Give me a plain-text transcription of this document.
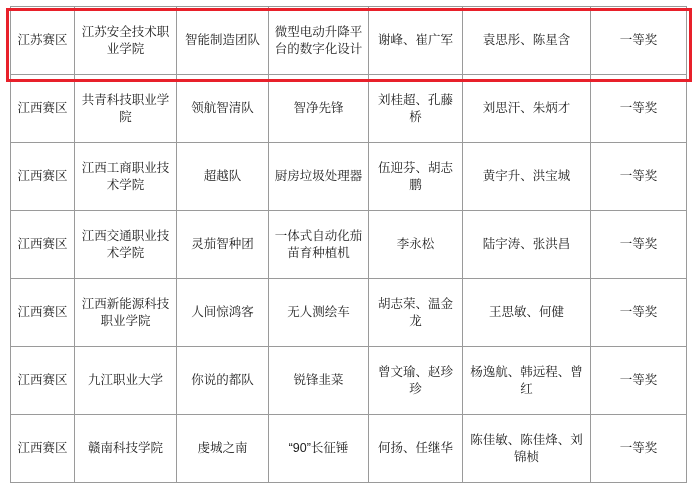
江苏赛区	江苏安全技术职业学院	智能制造团队	微型电动升降平台的数字化设计	谢峰、崔广军	袁思彤、陈星含	一等奖
江西赛区	共青科技职业学院	领航智清队	智净先锋	刘桂超、孔藤桥	刘思汗、朱炳才	一等奖
江西赛区	江西工商职业技术学院	超越队	厨房垃圾处理器	伍迎芬、胡志鹏	黄宇升、洪宝城	一等奖
江西赛区	江西交通职业技术学院	灵茄智种团	一体式自动化茄苗育种植机	李永松	陆宇涛、张洪昌	一等奖
江西赛区	江西新能源科技职业学院	人间惊鸿客	无人测绘车	胡志荣、温金龙	王思敏、何健	一等奖
江西赛区	九江职业大学	你说的都队	锐锋韭菜	曾文瑜、赵珍珍	杨逸航、韩远程、曾红	一等奖
江西赛区	赣南科技学院	虔城之南	“90”长征锤	何扬、任继华	陈佳敏、陈佳烽、刘锦桢	一等奖
